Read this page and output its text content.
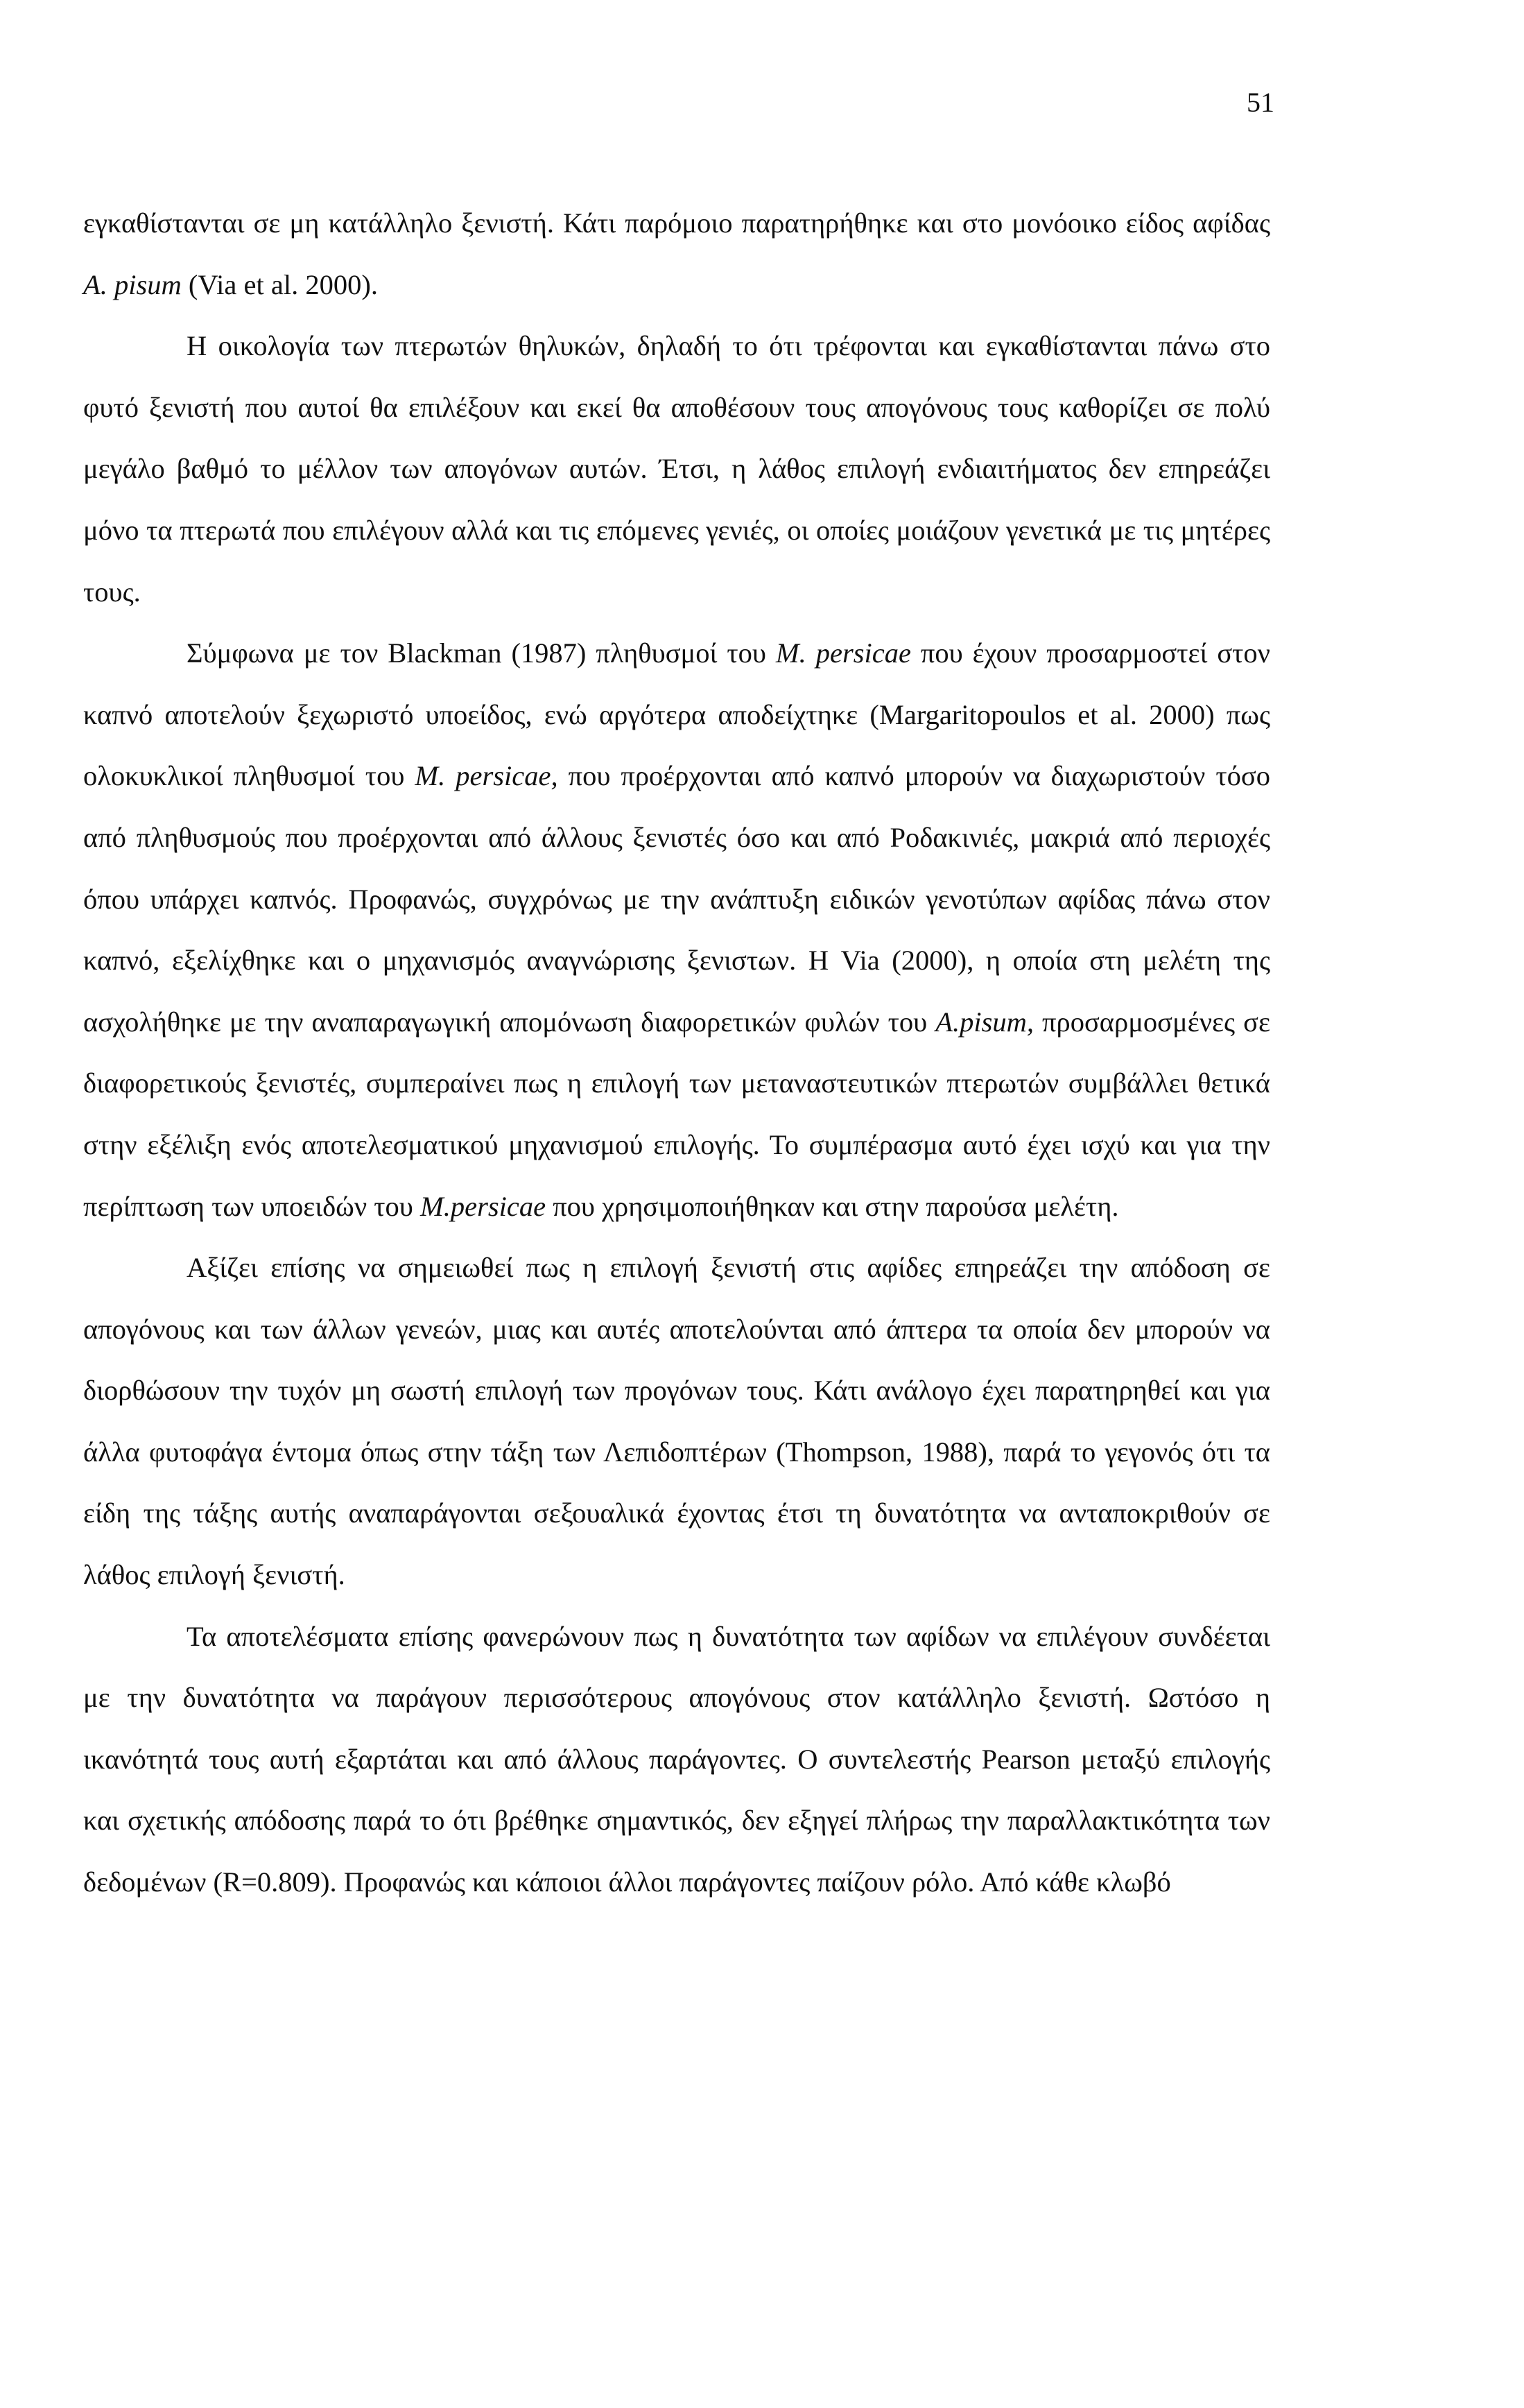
51

εγκαθίστανται σε μη κατάλληλο ξενιστή. Κάτι παρόμοιο παρατηρήθηκε και στο μονόοικο είδος αφίδας A. pisum (Via et al. 2000).

Η οικολογία των πτερωτών θηλυκών, δηλαδή το ότι τρέφονται και εγκαθίστανται πάνω στο φυτό ξενιστή που αυτοί θα επιλέξουν και εκεί θα αποθέσουν τους απογόνους τους καθορίζει σε πολύ μεγάλο βαθμό το μέλλον των απογόνων αυτών. Έτσι, η λάθος επιλογή ενδιαιτήματος δεν επηρεάζει μόνο τα πτερωτά που επιλέγουν αλλά και τις επόμενες γενιές, οι οποίες μοιάζουν γενετικά με τις μητέρες τους.

Σύμφωνα με τον Blackman (1987) πληθυσμοί του M. persicae που έχουν προσαρμοστεί στον καπνό αποτελούν ξεχωριστό υποείδος, ενώ αργότερα αποδείχτηκε (Margaritopoulos et al. 2000) πως ολοκυκλικοί πληθυσμοί του M. persicae, που προέρχονται από καπνό μπορούν να διαχωριστούν τόσο από πληθυσμούς που προέρχονται από άλλους ξενιστές όσο και από Ροδακινιές, μακριά από περιοχές όπου υπάρχει καπνός. Προφανώς, συγχρόνως με την ανάπτυξη ειδικών γενοτύπων αφίδας πάνω στον καπνό, εξελίχθηκε και ο μηχανισμός αναγνώρισης ξενιστων. Η Via (2000), η οποία στη μελέτη της ασχολήθηκε με την αναπαραγωγική απομόνωση διαφορετικών φυλών του A.pisum, προσαρμοσμένες σε διαφορετικούς ξενιστές, συμπεραίνει πως η επιλογή των μεταναστευτικών πτερωτών συμβάλλει θετικά στην εξέλιξη ενός αποτελεσματικού μηχανισμού επιλογής. Το συμπέρασμα αυτό έχει ισχύ και για την περίπτωση των υποειδών του M.persicae που χρησιμοποιήθηκαν και στην παρούσα μελέτη.

Αξίζει επίσης να σημειωθεί πως η επιλογή ξενιστή στις αφίδες επηρεάζει την απόδοση σε απογόνους και των άλλων γενεών, μιας και αυτές αποτελούνται από άπτερα τα οποία δεν μπορούν να διορθώσουν την τυχόν μη σωστή επιλογή των προγόνων τους. Κάτι ανάλογο έχει παρατηρηθεί και για άλλα φυτοφάγα έντομα όπως στην τάξη των Λεπιδοπτέρων (Thompson, 1988), παρά το γεγονός ότι τα είδη της τάξης αυτής αναπαράγονται σεξουαλικά έχοντας έτσι τη δυνατότητα να ανταποκριθούν σε λάθος επιλογή ξενιστή.

Τα αποτελέσματα επίσης φανερώνουν πως η δυνατότητα των αφίδων να επιλέγουν συνδέεται με την δυνατότητα να παράγουν περισσότερους απογόνους στον κατάλληλο ξενιστή. Ωστόσο η ικανότητά τους αυτή εξαρτάται και από άλλους παράγοντες. Ο συντελεστής Pearson μεταξύ επιλογής και σχετικής απόδοσης παρά το ότι βρέθηκε σημαντικός, δεν εξηγεί πλήρως την παραλλακτικότητα των δεδομένων (R=0.809). Προφανώς και κάποιοι άλλοι παράγοντες παίζουν ρόλο. Από κάθε κλωβό
